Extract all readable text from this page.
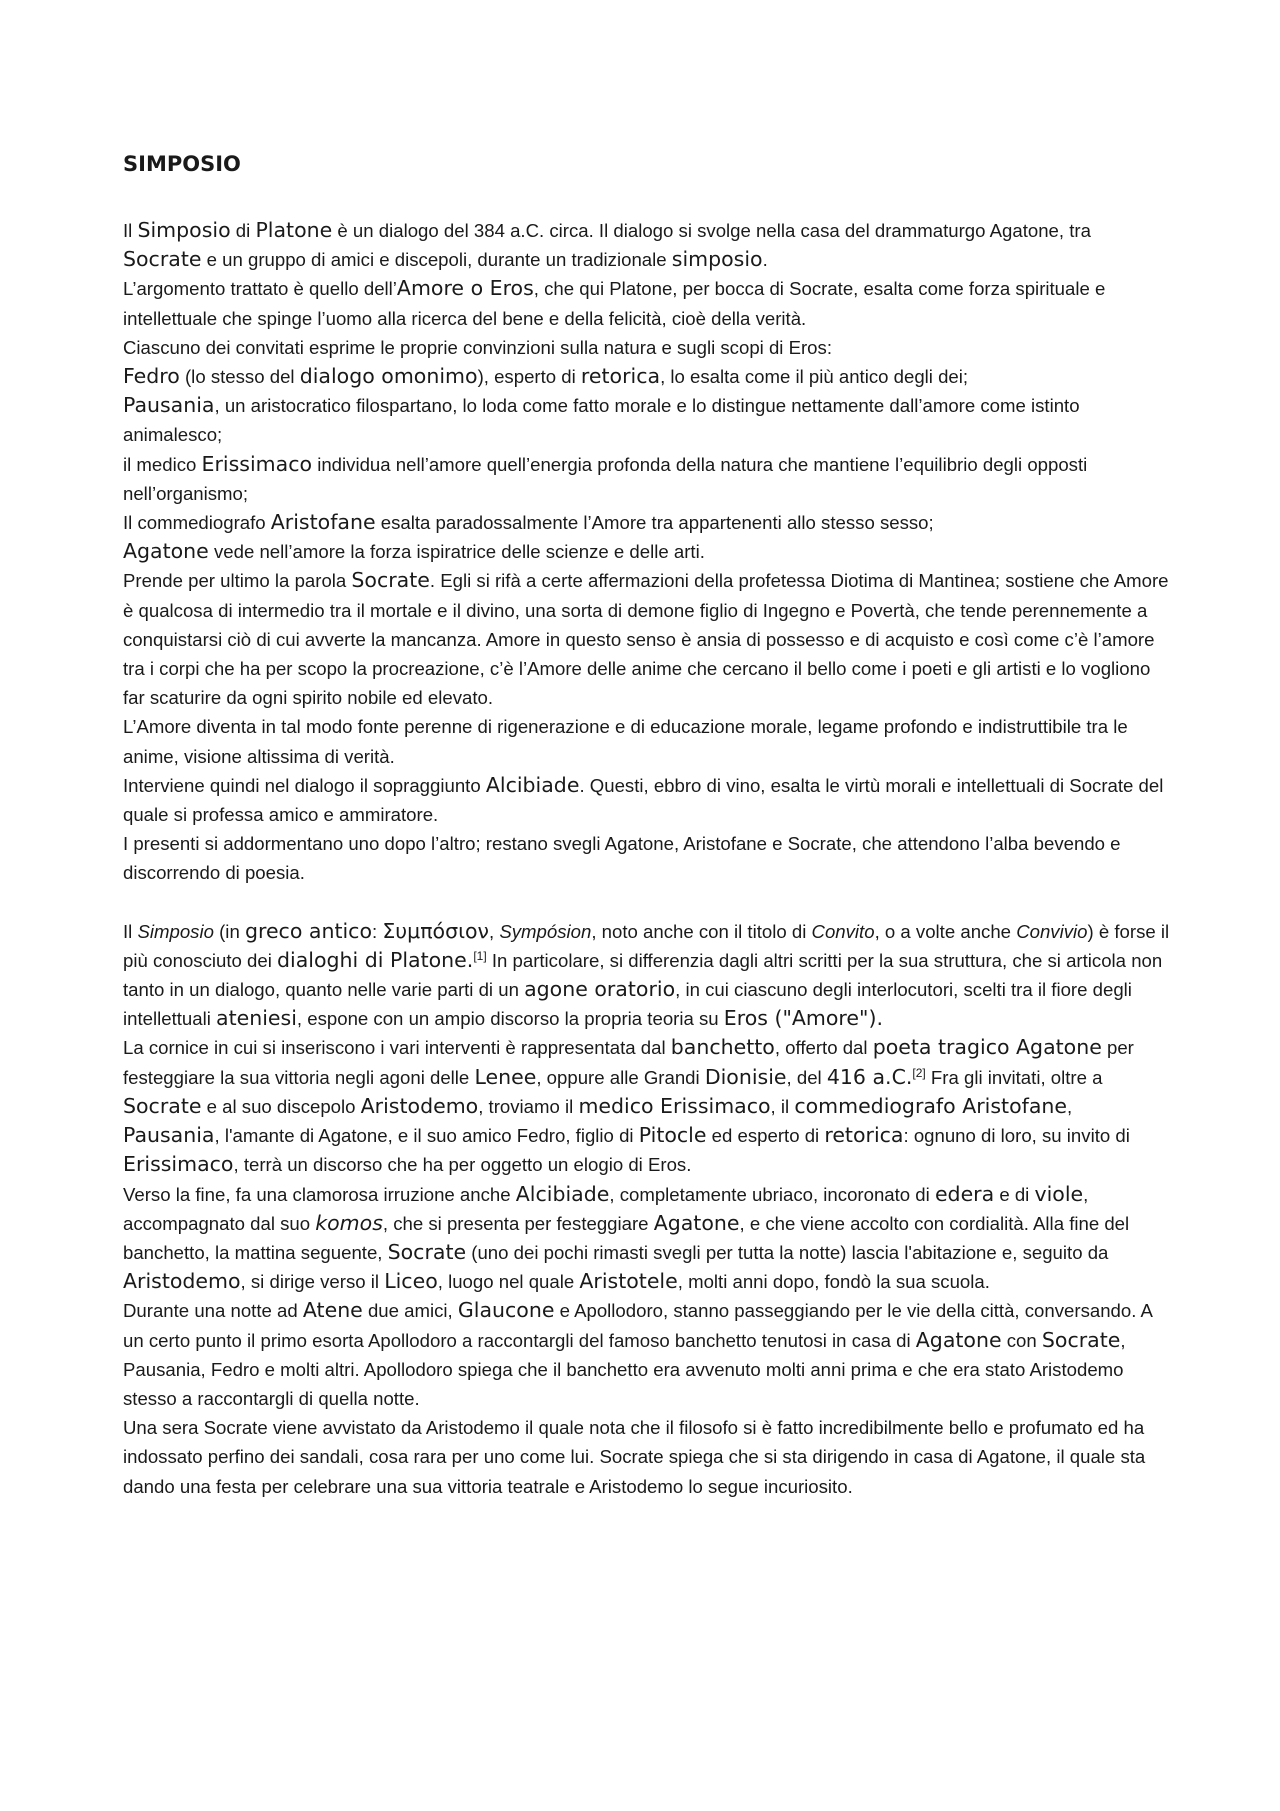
SIMPOSIO

Il Simposio di Platone è un dialogo del 384 a.C. circa. Il dialogo si svolge nella casa del drammaturgo Agatone, tra Socrate e un gruppo di amici e discepoli, durante un tradizionale simposio.

L’argomento trattato è quello dell’Amore o Eros, che qui Platone, per bocca di Socrate, esalta come forza spirituale e intellettuale che spinge l’uomo alla ricerca del bene e della felicità, cioè della verità.

Ciascuno dei convitati esprime le proprie convinzioni sulla natura e sugli scopi di Eros:

Fedro (lo stesso del dialogo omonimo), esperto di retorica, lo esalta come il più antico degli dei;

Pausania, un aristocratico filospartano, lo loda come fatto morale e lo distingue nettamente dall’amore come istinto animalesco;

il medico Erissimaco individua nell’amore quell’energia profonda della natura che mantiene l’equilibrio degli opposti nell’organismo;

Il commediografo Aristofane esalta paradossalmente l’Amore tra appartenenti allo stesso sesso;

Agatone vede nell’amore la forza ispiratrice delle scienze e delle arti.

Prende per ultimo la parola Socrate. Egli si rifà a certe affermazioni della profetessa Diotima di Mantinea; sostiene che Amore è qualcosa di intermedio tra il mortale e il divino, una sorta di demone figlio di Ingegno e Povertà, che tende perennemente a conquistarsi ciò di cui avverte la mancanza. Amore in questo senso è ansia di possesso e di acquisto e così come c’è l’amore tra i corpi che ha per scopo la procreazione, c’è l’Amore delle anime che cercano il bello come i poeti e gli artisti e lo vogliono far scaturire da ogni spirito nobile ed elevato.

L’Amore diventa in tal modo fonte perenne di rigenerazione e di educazione morale, legame profondo e indistruttibile tra le anime, visione altissima di verità.

Interviene quindi nel dialogo il sopraggiunto Alcibiade. Questi, ebbro di vino, esalta le virtù morali e intellettuali di Socrate del quale si professa amico e ammiratore.

I presenti si addormentano uno dopo l’altro; restano svegli Agatone, Aristofane e Socrate, che attendono l’alba bevendo e discorrendo di poesia.

Il Simposio (in greco antico: Συμπόσιον, Sympósion, noto anche con il titolo di Convito, o a volte anche Convivio) è forse il più conosciuto dei dialoghi di Platone.[1] In particolare, si differenzia dagli altri scritti per la sua struttura, che si articola non tanto in un dialogo, quanto nelle varie parti di un agone oratorio, in cui ciascuno degli interlocutori, scelti tra il fiore degli intellettuali ateniesi, espone con un ampio discorso la propria teoria su Eros ("Amore").

La cornice in cui si inseriscono i vari interventi è rappresentata dal banchetto, offerto dal poeta tragico Agatone per festeggiare la sua vittoria negli agoni delle Lenee, oppure alle Grandi Dionisie, del 416 a.C.[2] Fra gli invitati, oltre a Socrate e al suo discepolo Aristodemo, troviamo il medico Erissimaco, il commediografo Aristofane, Pausania, l'amante di Agatone, e il suo amico Fedro, figlio di Pitocle ed esperto di retorica: ognuno di loro, su invito di Erissimaco, terrà un discorso che ha per oggetto un elogio di Eros.

Verso la fine, fa una clamorosa irruzione anche Alcibiade, completamente ubriaco, incoronato di edera e di viole, accompagnato dal suo komos, che si presenta per festeggiare Agatone, e che viene accolto con cordialità. Alla fine del banchetto, la mattina seguente, Socrate (uno dei pochi rimasti svegli per tutta la notte) lascia l'abitazione e, seguito da Aristodemo, si dirige verso il Liceo, luogo nel quale Aristotele, molti anni dopo, fondò la sua scuola.

Durante una notte ad Atene due amici, Glaucone e Apollodoro, stanno passeggiando per le vie della città, conversando. A un certo punto il primo esorta Apollodoro a raccontargli del famoso banchetto tenutosi in casa di Agatone con Socrate, Pausania, Fedro e molti altri. Apollodoro spiega che il banchetto era avvenuto molti anni prima e che era stato Aristodemo stesso a raccontargli di quella notte.

Una sera Socrate viene avvistato da Aristodemo il quale nota che il filosofo si è fatto incredibilmente bello e profumato ed ha indossato perfino dei sandali, cosa rara per uno come lui. Socrate spiega che si sta dirigendo in casa di Agatone, il quale sta dando una festa per celebrare una sua vittoria teatrale e Aristodemo lo segue incuriosito.
